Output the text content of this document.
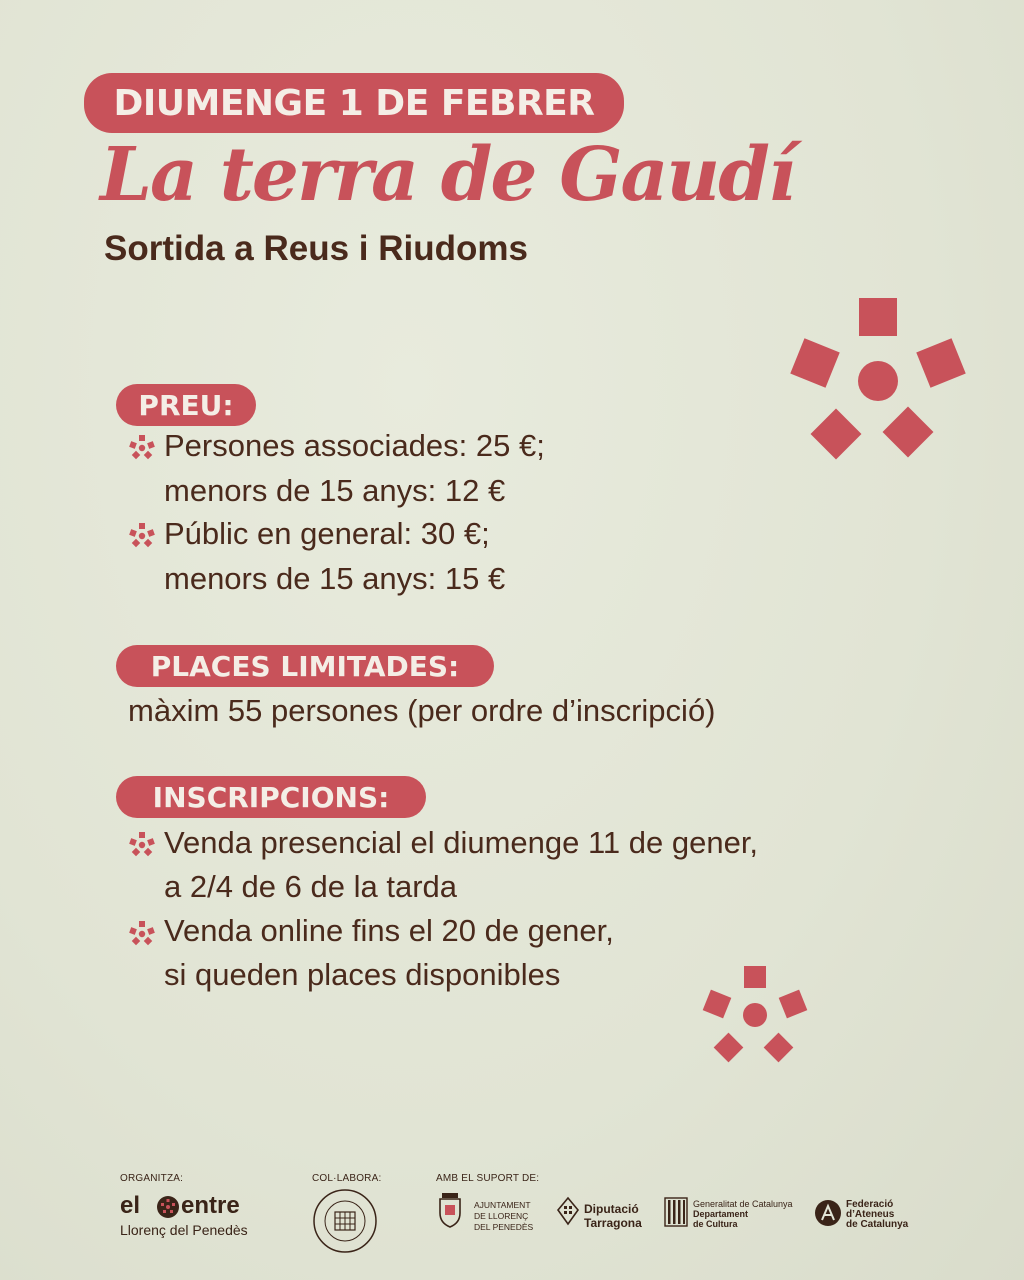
DIUMENGE 1 DE FEBRER
La terra de Gaudí
Sortida a Reus i Riudoms
PREU:
Persones associades: 25 €;
menors de 15 anys: 12 €
Públic en general: 30 €;
menors de 15 anys: 15 €
PLACES LIMITADES:
màxim 55 persones (per ordre d’inscripció)
INSCRIPCIONS:
Venda presencial el diumenge 11 de gener,
a 2/4 de 6 de la tarda
Venda online fins el 20 de gener,
si queden places disponibles
ORGANITZA:	COL·LABORA:	AMB EL SUPORT DE:
el entre
Llorenç del Penedès
AJUNTAMENT
DE LLORENÇ
DEL PENEDÈS
Diputació
Tarragona
Generalitat de Catalunya
Departament
de Cultura
Federació
d’Ateneus
de Catalunya
